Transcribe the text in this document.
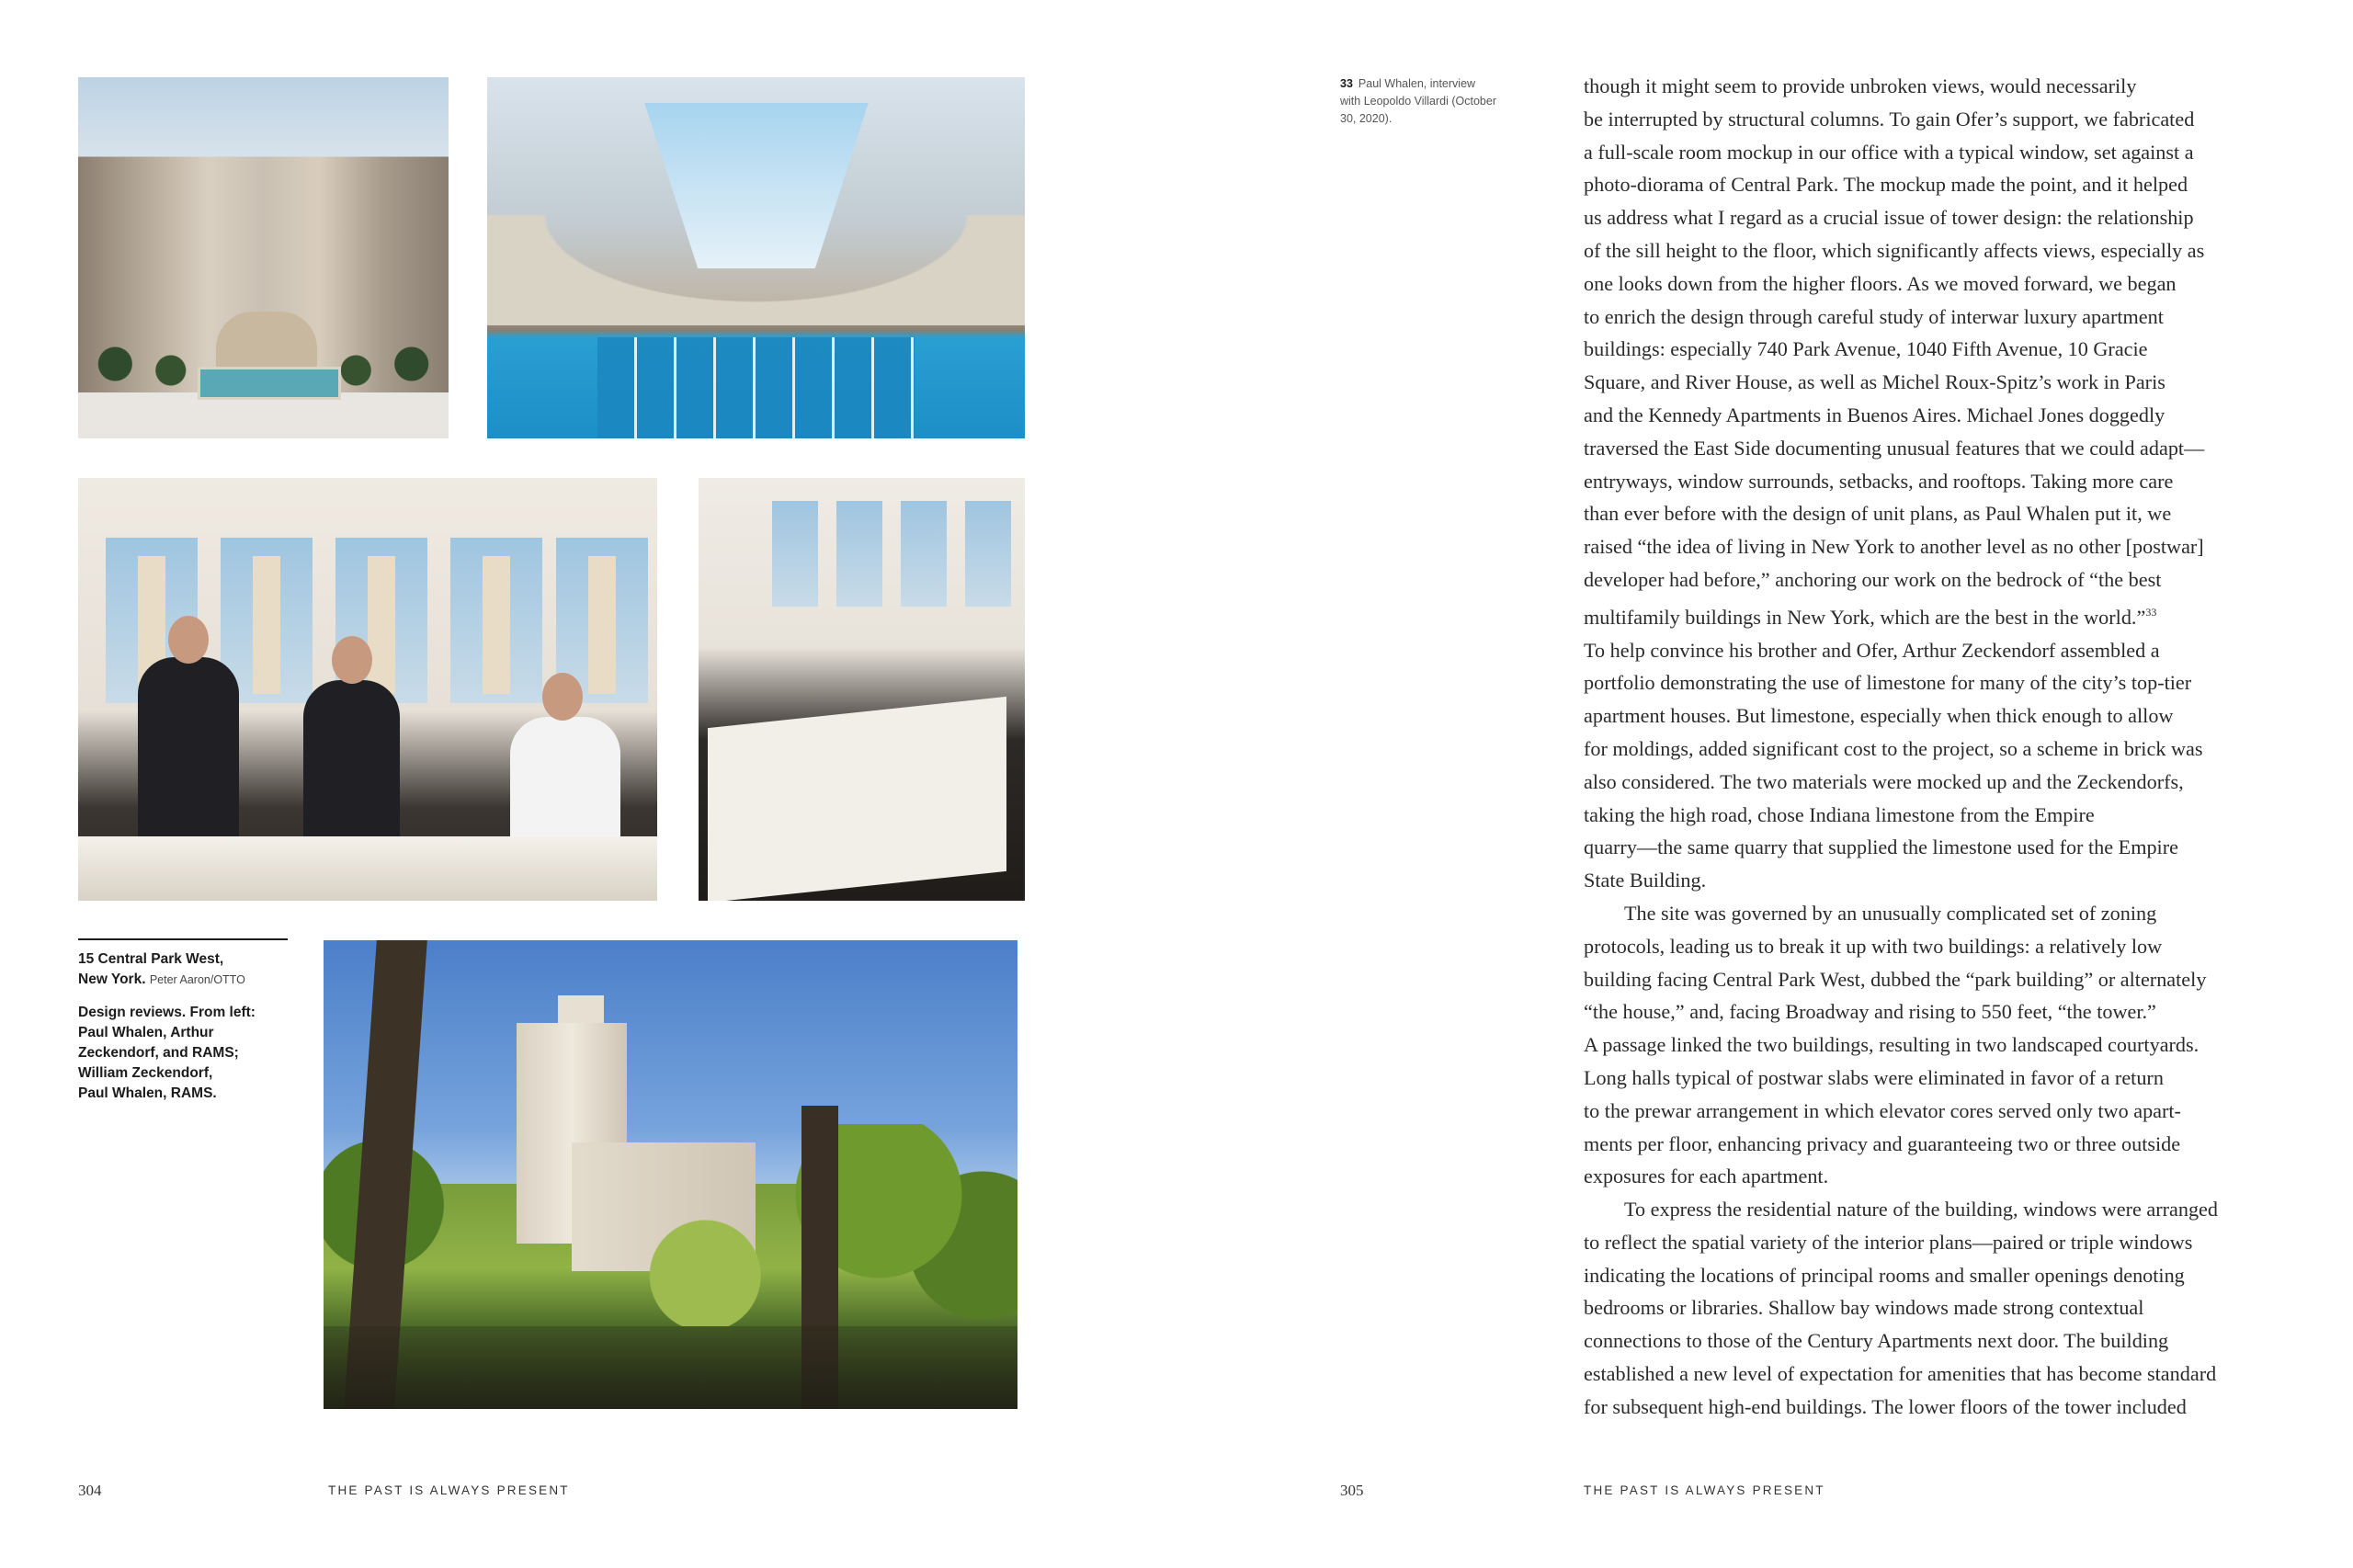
15 Central Park West,
New York. Peter Aaron/OTTO

Design reviews. From left:
Paul Whalen, Arthur
Zeckendorf, and RAMS;
William Zeckendorf,
Paul Whalen, RAMS.

304	THE PAST IS ALWAYS PRESENT
33 Paul Whalen, interview
with Leopoldo Villardi (October
30, 2020).
though it might seem to provide unbroken views, would necessarily
be interrupted by structural columns. To gain Ofer’s support, we fabricated
a full-scale room mockup in our office with a typical window, set against a
photo-diorama of Central Park. The mockup made the point, and it helped
us address what I regard as a crucial issue of tower design: the relationship
of the sill height to the floor, which significantly affects views, especially as
one looks down from the higher floors. As we moved forward, we began
to enrich the design through careful study of interwar luxury apartment
buildings: especially 740 Park Avenue, 1040 Fifth Avenue, 10 Gracie
Square, and River House, as well as Michel Roux-Spitz’s work in Paris
and the Kennedy Apartments in Buenos Aires. Michael Jones doggedly
traversed the East Side documenting unusual features that we could adapt—
entryways, window surrounds, setbacks, and rooftops. Taking more care
than ever before with the design of unit plans, as Paul Whalen put it, we
raised “the idea of living in New York to another level as no other [postwar]
developer had before,” anchoring our work on the bedrock of “the best
multifamily buildings in New York, which are the best in the world.”$^{33}$
To help convince his brother and Ofer, Arthur Zeckendorf assembled a
portfolio demonstrating the use of limestone for many of the city’s top-tier
apartment houses. But limestone, especially when thick enough to allow
for moldings, added significant cost to the project, so a scheme in brick was
also considered. The two materials were mocked up and the Zeckendorfs,
taking the high road, chose Indiana limestone from the Empire
quarry—the same quarry that supplied the limestone used for the Empire
State Building.
The site was governed by an unusually complicated set of zoning
protocols, leading us to break it up with two buildings: a relatively low
building facing Central Park West, dubbed the “park building” or alternately
“the house,” and, facing Broadway and rising to 550 feet, “the tower.”
A passage linked the two buildings, resulting in two landscaped courtyards.
Long halls typical of postwar slabs were eliminated in favor of a return
to the prewar arrangement in which elevator cores served only two apart-
ments per floor, enhancing privacy and guaranteeing two or three outside
exposures for each apartment.
To express the residential nature of the building, windows were arranged
to reflect the spatial variety of the interior plans—paired or triple windows
indicating the locations of principal rooms and smaller openings denoting
bedrooms or libraries. Shallow bay windows made strong contextual
connections to those of the Century Apartments next door. The building
established a new level of expectation for amenities that has become standard
for subsequent high-end buildings. The lower floors of the tower included
305	THE PAST IS ALWAYS PRESENT
